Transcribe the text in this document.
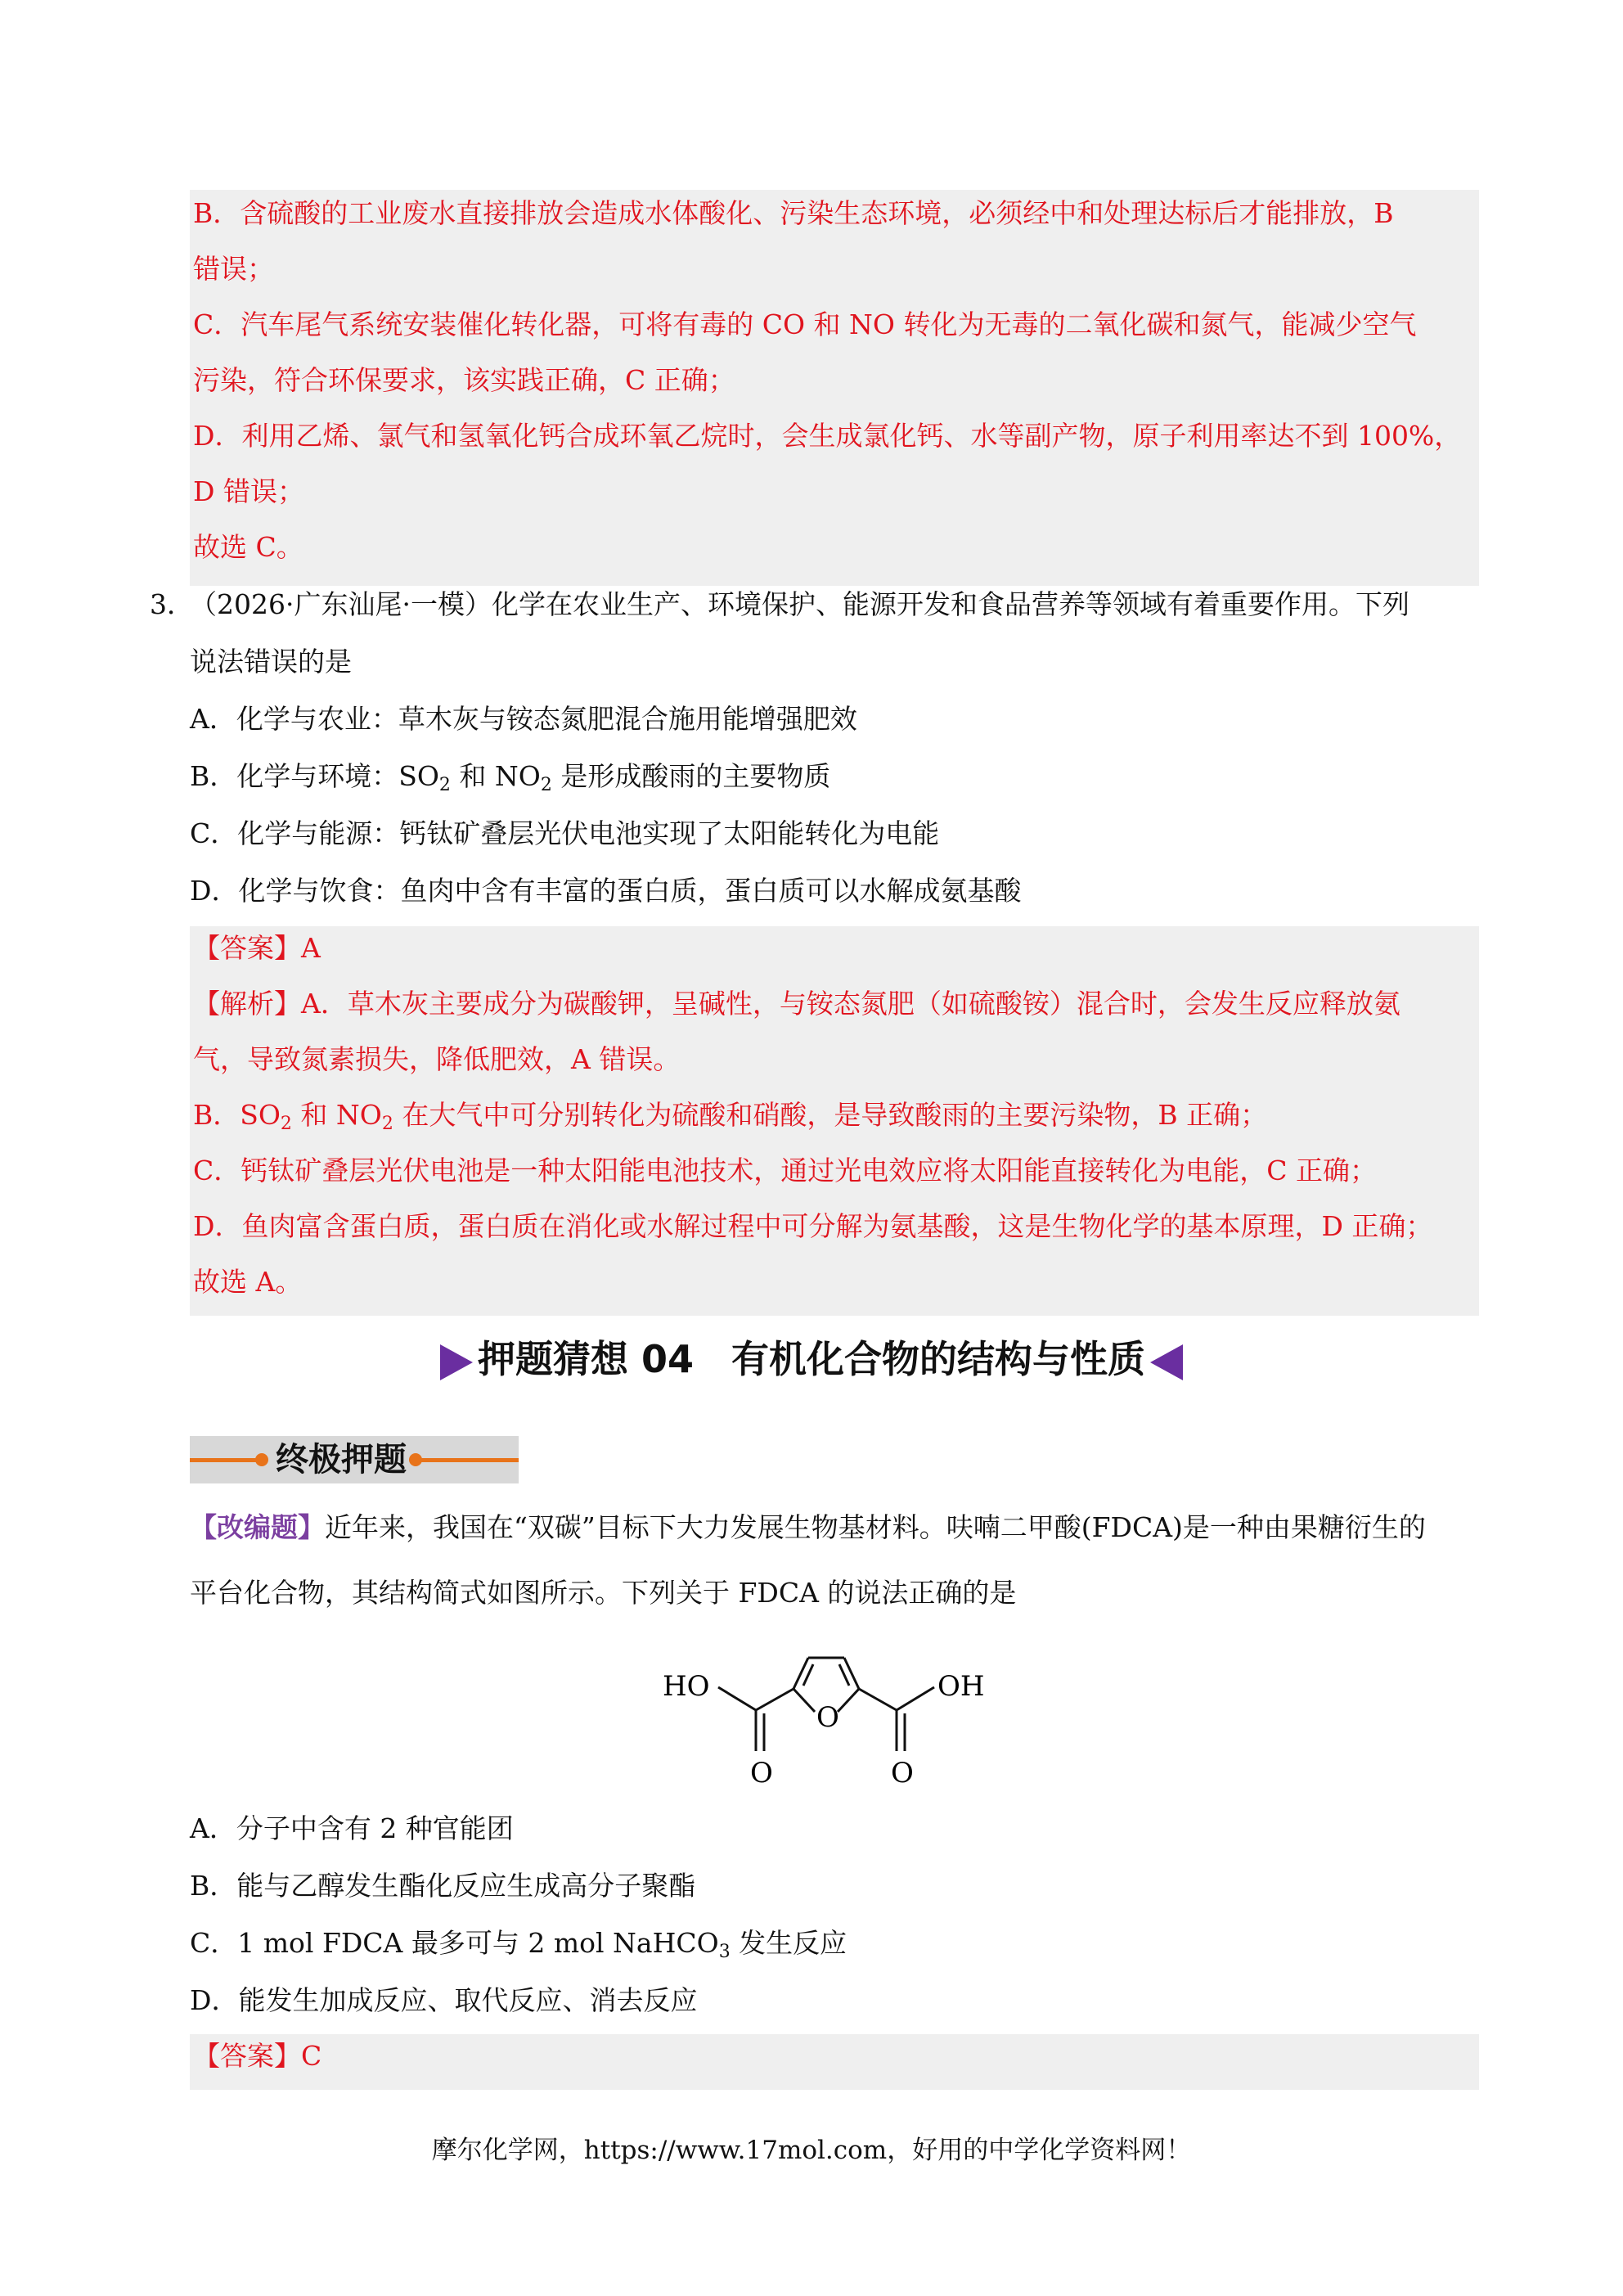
B．含硫酸的工业废水直接排放会造成水体酸化、污染生态环境，必须经中和处理达标后才能排放，B
错误；
C．汽车尾气系统安装催化转化器，可将有毒的 CO 和 NO 转化为无毒的二氧化碳和氮气，能减少空气
污染，符合环保要求，该实践正确，C 正确；
D．利用乙烯、氯气和氢氧化钙合成环氧乙烷时，会生成氯化钙、水等副产物，原子利用率达不到 100%，
D 错误；
故选 C。
3．
（2026·广东汕尾·一模）化学在农业生产、环境保护、能源开发和食品营养等领域有着重要作用。下列
说法错误的是
A．化学与农业：草木灰与铵态氮肥混合施用能增强肥效
B．化学与环境：$SO_2$ 和 $NO_2$ 是形成酸雨的主要物质
C．化学与能源：钙钛矿叠层光伏电池实现了太阳能转化为电能
D．化学与饮食：鱼肉中含有丰富的蛋白质，蛋白质可以水解成氨基酸
【答案】A
【解析】A．草木灰主要成分为碳酸钾，呈碱性，与铵态氮肥（如硫酸铵）混合时，会发生反应释放氨
气，导致氮素损失，降低肥效，A 错误。
B．$SO_2$ 和 $NO_2$ 在大气中可分别转化为硫酸和硝酸，是导致酸雨的主要污染物，B 正确；
C．钙钛矿叠层光伏电池是一种太阳能电池技术，通过光电效应将太阳能直接转化为电能，C 正确；
D．鱼肉富含蛋白质，蛋白质在消化或水解过程中可分解为氨基酸，这是生物化学的基本原理，D 正确；
故选 A。
押题猜想 04　有机化合物的结构与性质
终极押题
【改编题】近年来，我国在“双碳”目标下大力发展生物基材料。呋喃二甲酸(FDCA)是一种由果糖衍生的
平台化合物，其结构简式如图所示。下列关于 FDCA 的说法正确的是
HO	OH
O
O	O
A．分子中含有 2 种官能团
B．能与乙醇发生酯化反应生成高分子聚酯
C．1 mol FDCA 最多可与 2 mol NaHCO$_3$ 发生反应
D．能发生加成反应、取代反应、消去反应
【答案】C
摩尔化学网，https://www.17mol.com，好用的中学化学资料网！
